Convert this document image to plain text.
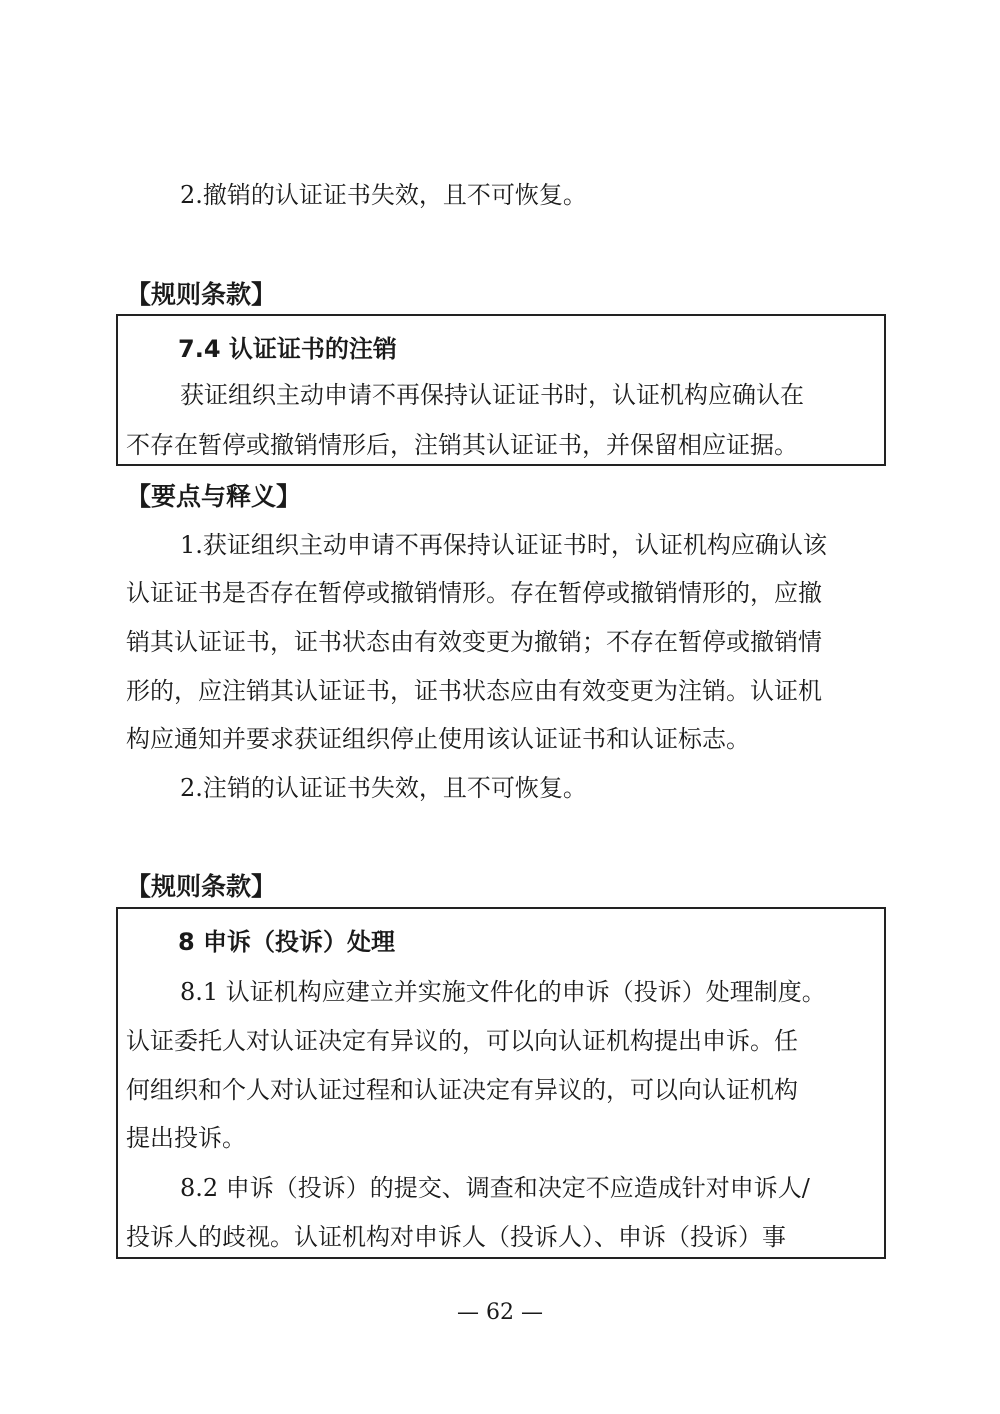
2.撤销的认证证书失效，且不可恢复。
【规则条款】
7.4 认证证书的注销
获证组织主动申请不再保持认证证书时，认证机构应确认在
不存在暂停或撤销情形后，注销其认证证书，并保留相应证据。
【要点与释义】
1.获证组织主动申请不再保持认证证书时，认证机构应确认该
认证证书是否存在暂停或撤销情形。存在暂停或撤销情形的，应撤
销其认证证书，证书状态由有效变更为撤销；不存在暂停或撤销情
形的，应注销其认证证书，证书状态应由有效变更为注销。认证机
构应通知并要求获证组织停止使用该认证证书和认证标志。
2.注销的认证证书失效，且不可恢复。
【规则条款】
8 申诉（投诉）处理
8.1 认证机构应建立并实施文件化的申诉（投诉）处理制度。
认证委托人对认证决定有异议的，可以向认证机构提出申诉。任
何组织和个人对认证过程和认证决定有异议的，可以向认证机构
提出投诉。
8.2 申诉（投诉）的提交、调查和决定不应造成针对申诉人/
投诉人的歧视。认证机构对申诉人（投诉人）、申诉（投诉）事
— 62 —
